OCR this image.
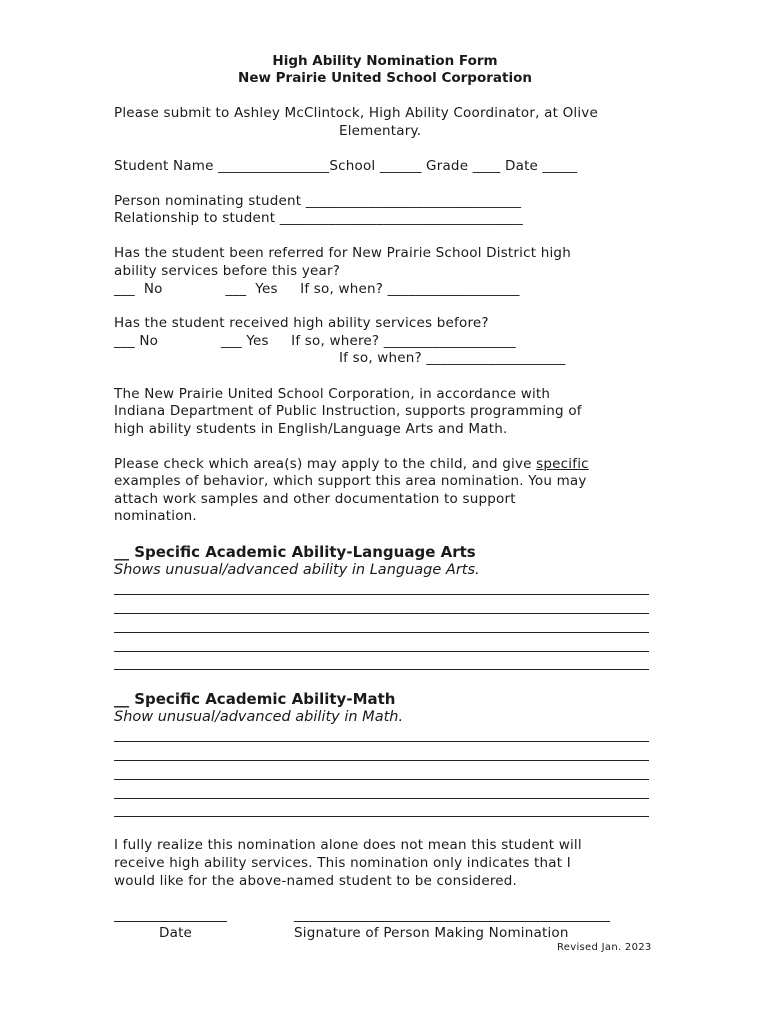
High Ability Nomination Form
New Prairie United School Corporation
Please submit to Ashley McClintock, High Ability Coordinator, at Olive
Elementary.
Student Name ________________School ______ Grade ____ Date _____
Person nominating student _______________________________
Relationship to student ___________________________________
Has the student been referred for New Prairie School District high
ability services before this year?
___  No              ___  Yes     If so, when? ___________________
Has the student received high ability services before?
___ No              ___ Yes     If so, where? ___________________
If so, when? ____________________
The New Prairie United School Corporation, in accordance with
Indiana Department of Public Instruction, supports programming of
high ability students in English/Language Arts and Math.
Please check which area(s) may apply to the child, and give specific
examples of behavior, which support this area nomination. You may
attach work samples and other documentation to support
nomination.
__ Specific Academic Ability-Language Arts
Shows unusual/advanced ability in Language Arts.
__ Specific Academic Ability-Math
Show unusual/advanced ability in Math.
I fully realize this nomination alone does not mean this student will
receive high ability services. This nomination only indicates that I
would like for the above-named student to be considered.
Date	Signature of Person Making Nomination
Revised Jan. 2023
